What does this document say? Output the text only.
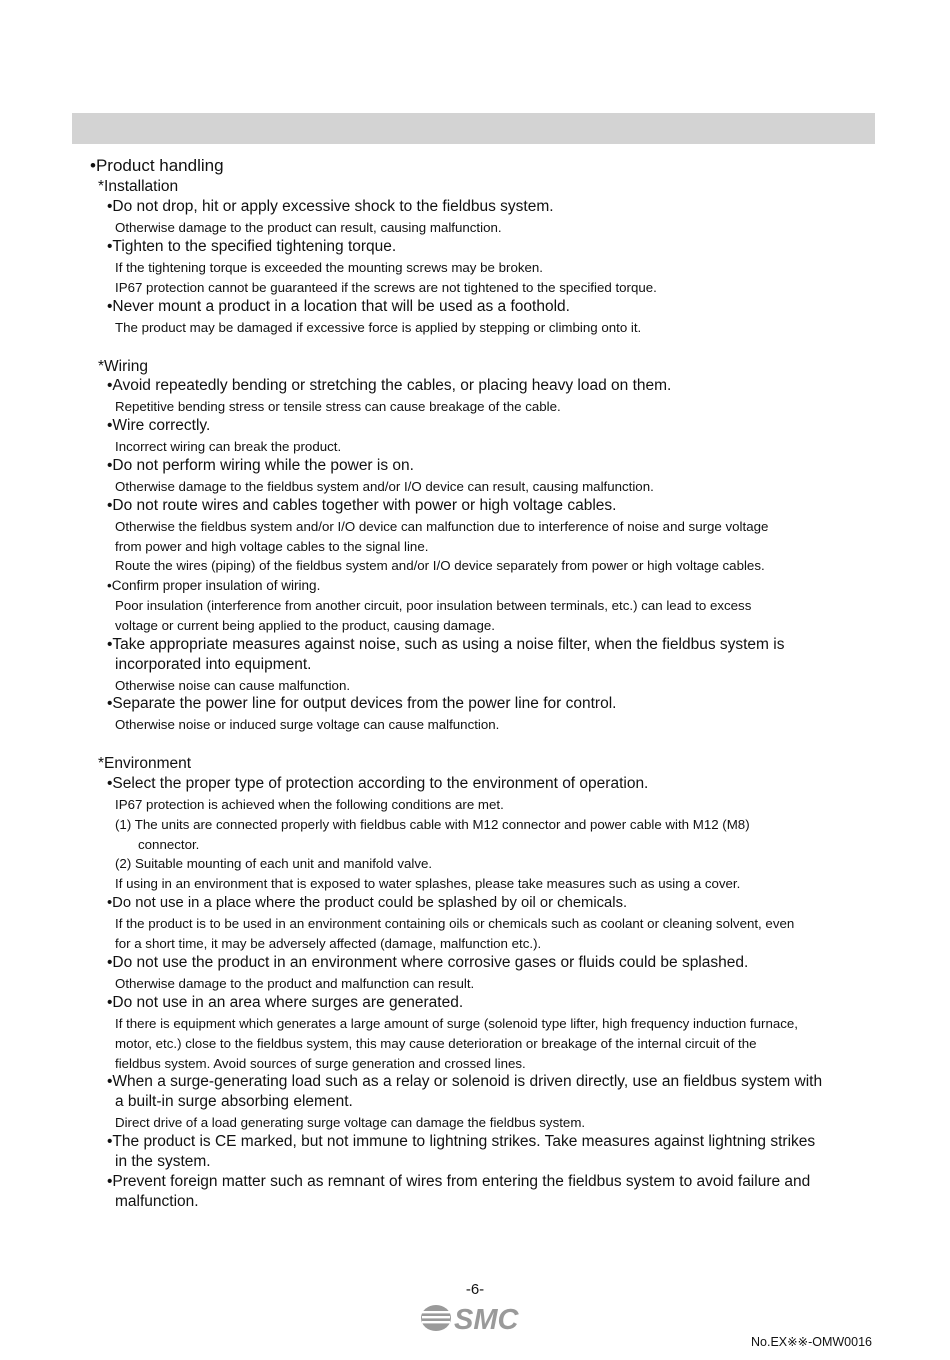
•Product handling
*Installation
•Do not drop, hit or apply excessive shock to the fieldbus system.
Otherwise damage to the product can result, causing malfunction.
•Tighten to the specified tightening torque.
If the tightening torque is exceeded the mounting screws may be broken.
IP67 protection cannot be guaranteed if the screws are not tightened to the specified torque.
•Never mount a product in a location that will be used as a foothold.
The product may be damaged if excessive force is applied by stepping or climbing onto it.
*Wiring
•Avoid repeatedly bending or stretching the cables, or placing heavy load on them.
Repetitive bending stress or tensile stress can cause breakage of the cable.
•Wire correctly.
Incorrect wiring can break the product.
•Do not perform wiring while the power is on.
Otherwise damage to the fieldbus system and/or I/O device can result, causing malfunction.
•Do not route wires and cables together with power or high voltage cables.
Otherwise the fieldbus system and/or I/O device can malfunction due to interference of noise and surge voltage
from power and high voltage cables to the signal line.
Route the wires (piping) of the fieldbus system and/or I/O device separately from power or high voltage cables.
•Confirm proper insulation of wiring.
Poor insulation (interference from another circuit, poor insulation between terminals, etc.) can lead to excess
voltage or current being applied to the product, causing damage.
•Take appropriate measures against noise, such as using a noise filter, when the fieldbus system is
incorporated into equipment.
Otherwise noise can cause malfunction.
•Separate the power line for output devices from the power line for control.
Otherwise noise or induced surge voltage can cause malfunction.
*Environment
•Select the proper type of protection according to the environment of operation.
IP67 protection is achieved when the following conditions are met.
(1) The units are connected properly with fieldbus cable with M12 connector and power cable with M12 (M8)
connector.
(2) Suitable mounting of each unit and manifold valve.
If using in an environment that is exposed to water splashes, please take measures such as using a cover.
•Do not use in a place where the product could be splashed by oil or chemicals.
If the product is to be used in an environment containing oils or chemicals such as coolant or cleaning solvent, even
for a short time, it may be adversely affected (damage, malfunction etc.).
•Do not use the product in an environment where corrosive gases or fluids could be splashed.
Otherwise damage to the product and malfunction can result.
•Do not use in an area where surges are generated.
If there is equipment which generates a large amount of surge (solenoid type lifter, high frequency induction furnace,
motor, etc.) close to the fieldbus system, this may cause deterioration or breakage of the internal circuit of the
fieldbus system. Avoid sources of surge generation and crossed lines.
•When a surge-generating load such as a relay or solenoid is driven directly, use an fieldbus system with
a built-in surge absorbing element.
Direct drive of a load generating surge voltage can damage the fieldbus system.
•The product is CE marked, but not immune to lightning strikes. Take measures against lightning strikes
in the system.
•Prevent foreign matter such as remnant of wires from entering the fieldbus system to avoid failure and
malfunction.
-6-
SMC
No.EX※※-OMW0016
